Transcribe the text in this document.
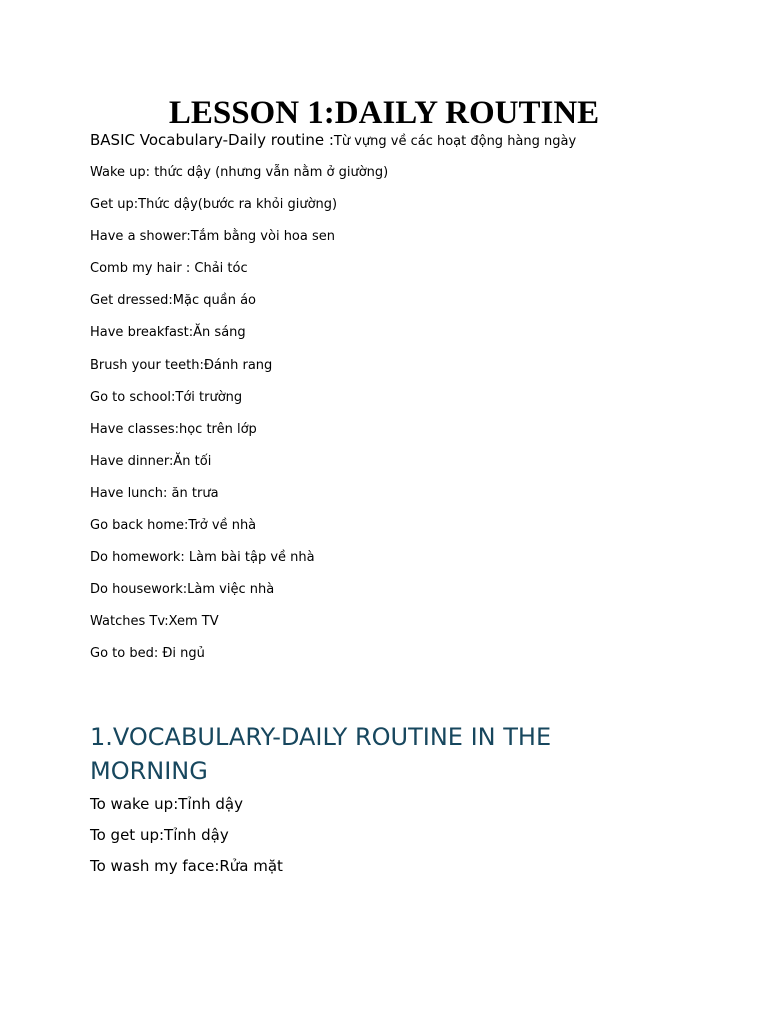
LESSON 1:DAILY ROUTINE

BASIC Vocabulary-Daily routine :Từ vựng về các hoạt động hàng ngày

Wake up: thức dậy (nhưng vẫn nằm ở giường)
Get up:Thức dậy(bước ra khỏi giường)
Have a shower:Tắm bằng vòi hoa sen
Comb my hair : Chải tóc
Get dressed:Mặc quần áo
Have breakfast:Ăn sáng
Brush your teeth:Đánh rang
Go to school:Tới trường
Have classes:học trên lớp
Have dinner:Ăn tối
Have lunch: ăn trưa
Go back home:Trở về nhà
Do homework: Làm bài tập về nhà
Do housework:Làm việc nhà
Watches Tv:Xem TV
Go to bed: Đi ngủ
1.VOCABULARY-DAILY ROUTINE IN THE MORNING
To wake up:Tỉnh dậy
To get up:Tỉnh dậy
To wash my face:Rửa mặt
